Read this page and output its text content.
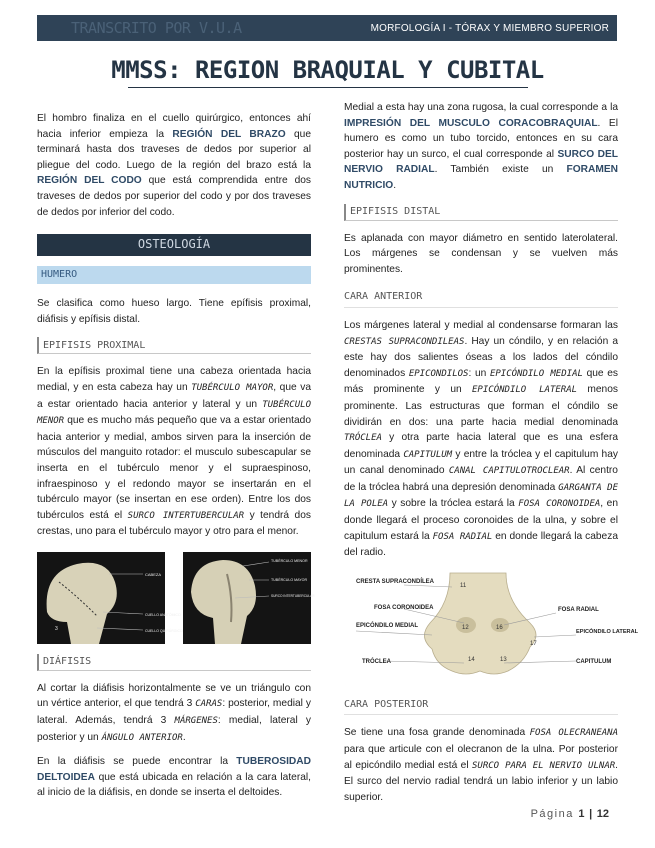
TRANSCRITO POR V.U.A	MORFOLOGÍA I - TÓRAX Y MIEMBRO SUPERIOR
MMSS: REGION BRAQUIAL Y CUBITAL

El hombro finaliza en el cuello quirúrgico, entonces ahí hacia inferior empieza la REGIÓN DEL BRAZO que terminará hasta dos traveses de dedos por superior al pliegue del codo. Luego de la región del brazo está la REGIÓN DEL CODO que está comprendida entre dos traveses de dedos por superior del codo y por dos traveses de dedos por inferior del codo.

OSTEOLOGÍA
HUMERO

Se clasifica como hueso largo. Tiene epífisis proximal, diáfisis y epífisis distal.

EPIFISIS PROXIMAL

En la epífisis proximal tiene una cabeza orientada hacia medial, y en esta cabeza hay un TUBÉRCULO MAYOR, que va a estar orientado hacia anterior y lateral y un TUBÉRCULO MENOR que es mucho más pequeño que va a estar orientado hacia anterior y medial, ambos sirven para la inserción de músculos del manguito rotador: el musculo subescapular se inserta en el tubérculo menor y el supraespinoso, infraespinoso y el redondo mayor se insertarán en el tubérculo mayor (se insertan en ese orden). Entre los dos tubérculos está el SURCO INTERTUBERCULAR y tendrá dos crestas, uno para el tubérculo mayor y otro para el menor.

CABEZA
CUELLO ANATÓMICO
CUELLO QUIRÚRGICO
3
TUBÉRCULO MENOR
TUBÉRCULO MAYOR
SURCO INTERTUBERCULAR
DIÁFISIS

Al cortar la diáfisis horizontalmente se ve un triángulo con un vértice anterior, el que tendrá 3 CARAS: posterior, medial y lateral. Además, tendrá 3 MÁRGENES: medial, lateral y posterior y un ÁNGULO ANTERIOR.

En la diáfisis se puede encontrar la TUBEROSIDAD DELTOIDEA que está ubicada en relación a la cara lateral, al inicio de la diáfisis, en donde se inserta el deltoides.

Medial a esta hay una zona rugosa, la cual corresponde a la IMPRESIÓN DEL MUSCULO CORACOBRAQUIAL. El humero es como un tubo torcido, entonces en su cara posterior hay un surco, el cual corresponde al SURCO DEL NERVIO RADIAL. También existe un FORAMEN NUTRICIO.

EPIFISIS DISTAL

Es aplanada con mayor diámetro en sentido laterolateral. Los márgenes se condensan y se vuelven más prominentes.

CARA ANTERIOR

Los márgenes lateral y medial al condensarse formaran las CRESTAS SUPRACONDILEAS. Hay un cóndilo, y en relación a este hay dos salientes óseas a los lados del cóndilo denominados EPICONDILOS: un EPICÓNDILO MEDIAL que es más prominente y un EPICÓNDILO LATERAL menos prominente. Las estructuras que forman el cóndilo se dividirán en dos: una parte hacia medial denominada TRÓCLEA y otra parte hacia lateral que es una esfera denominada CAPITULUM y entre la tróclea y el capitulum hay un canal denominado CANAL CAPITULOTROCLEAR. Al centro de la tróclea habrá una depresión denominada GARGANTA DE LA POLEA y sobre la tróclea estará la FOSA CORONOIDEA, en donde llegará el proceso coronoides de la ulna, y sobre el capitulum estará la FOSA RADIAL en donde llegará la cabeza del radio.

CRESTA SUPRACONDÍLEA
FOSA CORONOIDEA
EPICÓNDILO MEDIAL
TRÓCLEA
FOSA RADIAL
EPICÓNDILO LATERAL
CAPITULUM
11
12	16
14	13
17
CARA POSTERIOR

Se tiene una fosa grande denominada FOSA OLECRANEANA para que articule con el olecranon de la ulna. Por posterior al epicóndilo medial está el SURCO PARA EL NERVIO ULNAR. El surco del nervio radial tendrá un labio inferior y un labio superior.

Página 1 | 12
